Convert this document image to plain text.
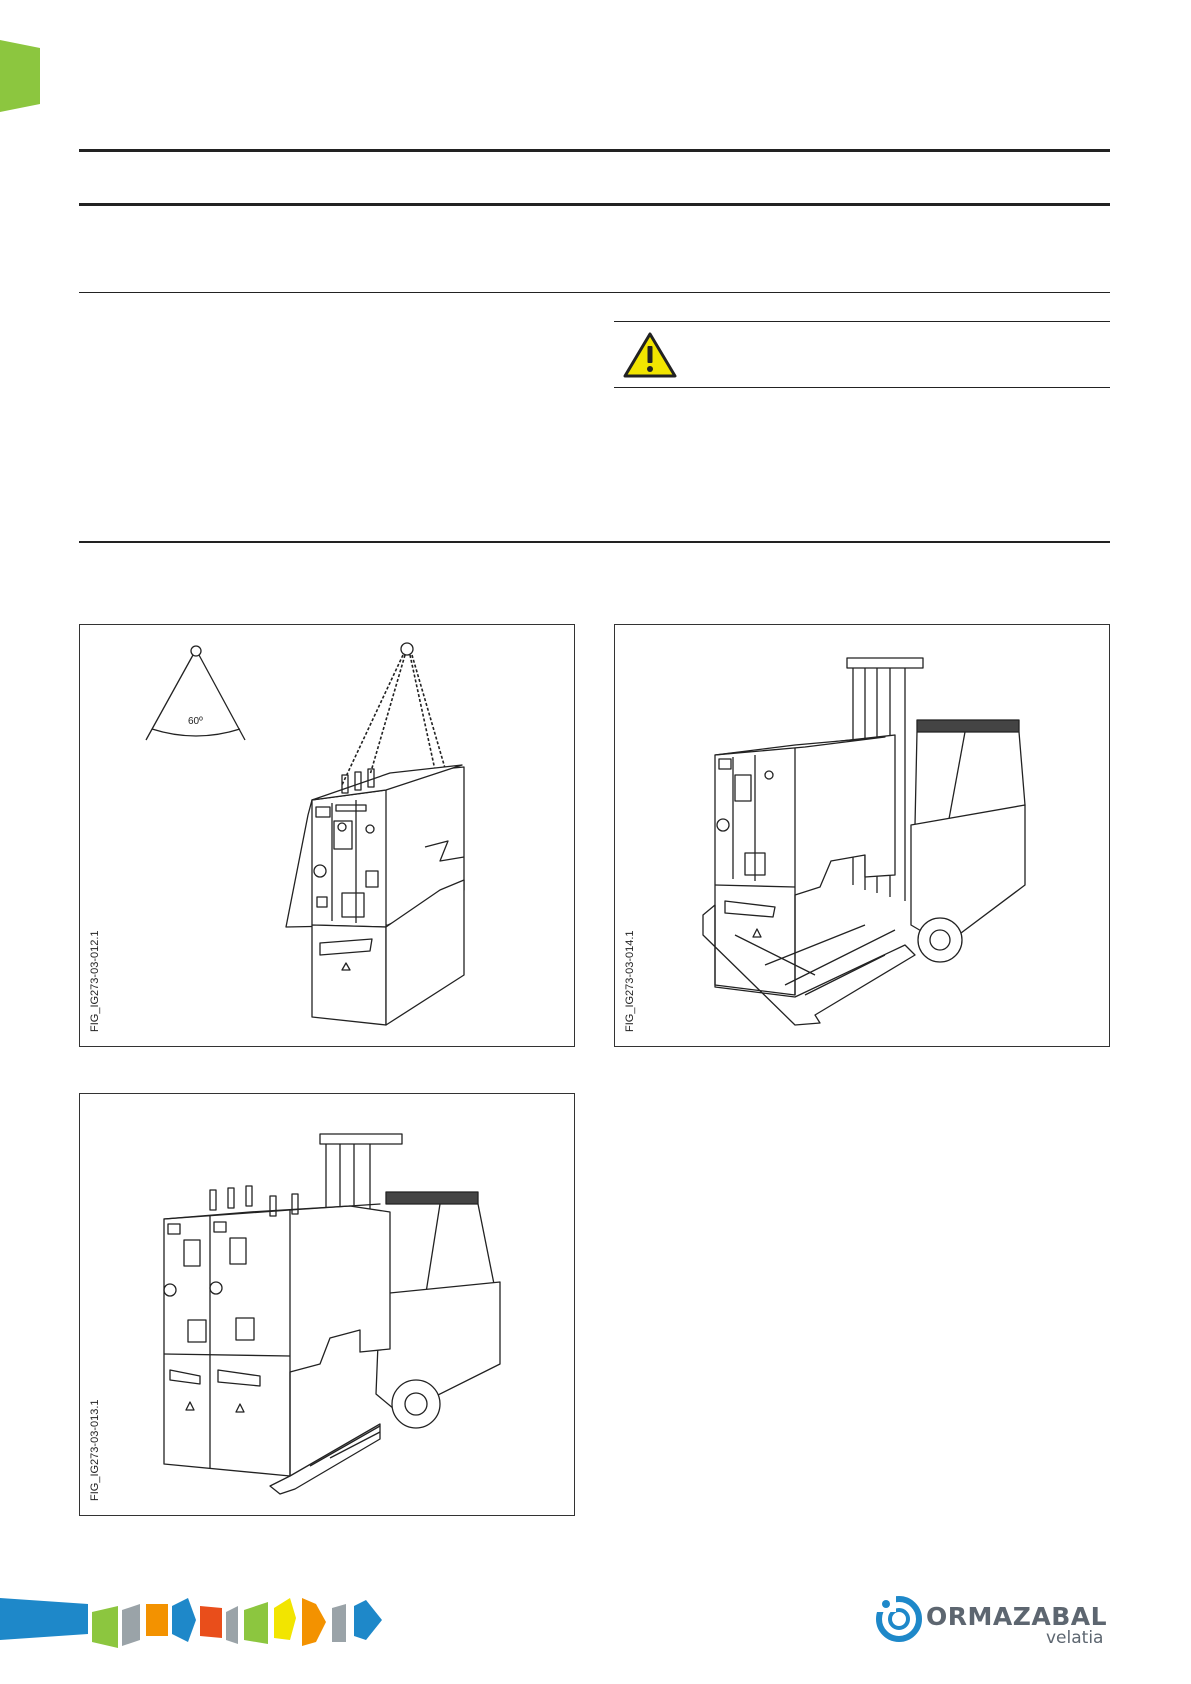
FIG_IG273-03-012.1
60º
FIG_IG273-03-014.1
FIG_IG273-03-013.1
ORMAZABAL
velatia
